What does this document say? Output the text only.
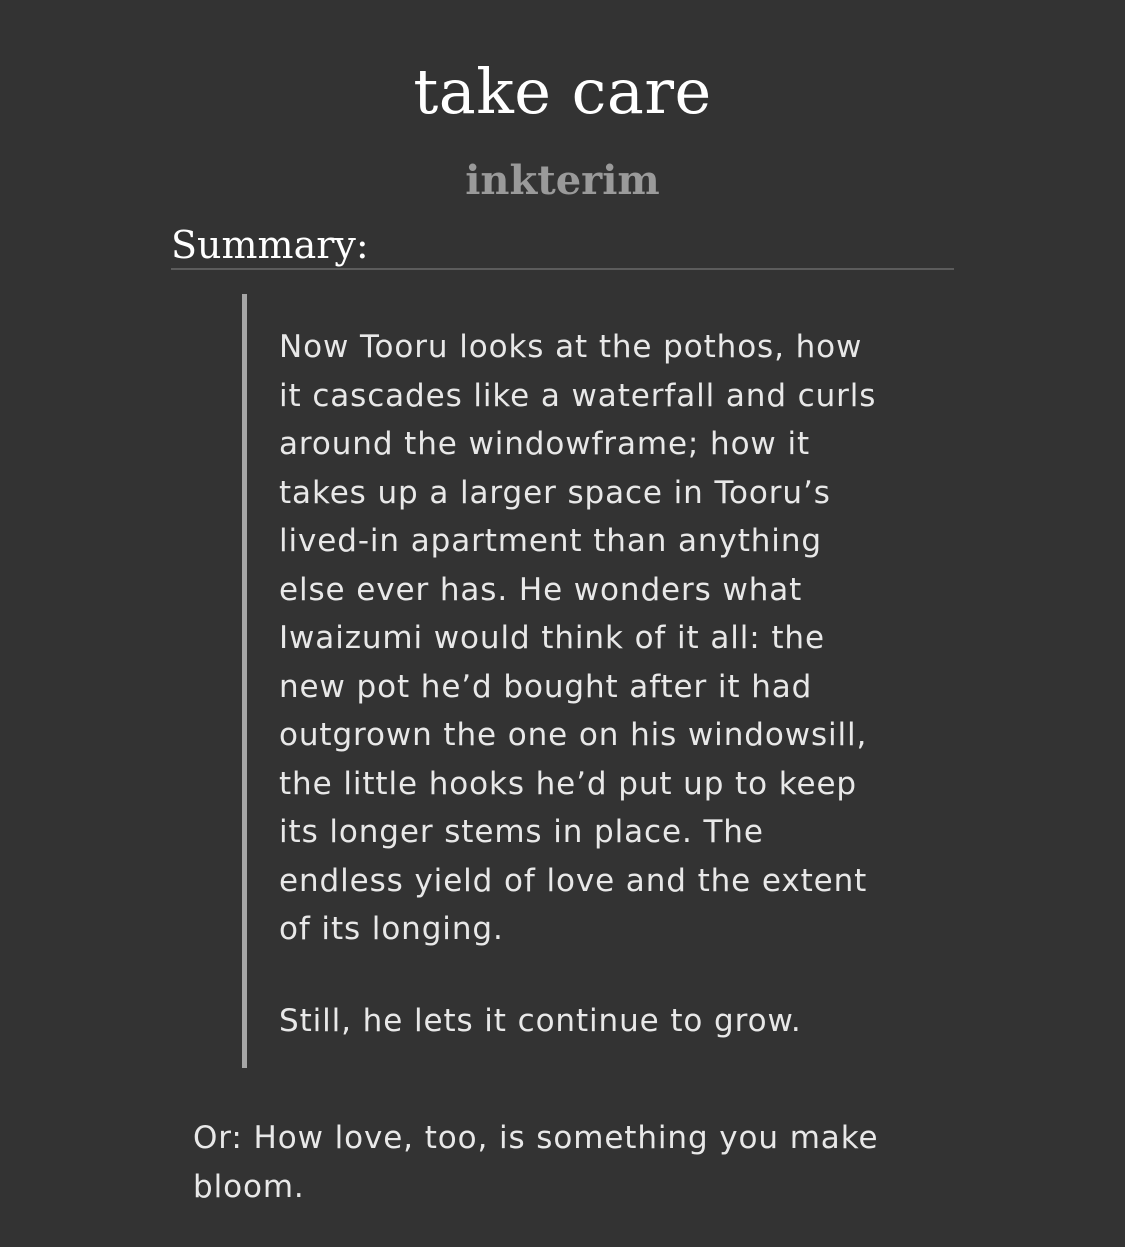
take care
inkterim
Summary:

Now Tooru looks at the pothos, how it cascades like a waterfall and curls around the windowframe; how it takes up a larger space in Tooru’s lived-in apartment than anything else ever has. He wonders what Iwaizumi would think of it all: the new pot he’d bought after it had outgrown the one on his windowsill, the little hooks he’d put up to keep its longer stems in place. The endless yield of love and the extent of its longing.

Still, he lets it continue to grow.

Or: How love, too, is something you make bloom.
